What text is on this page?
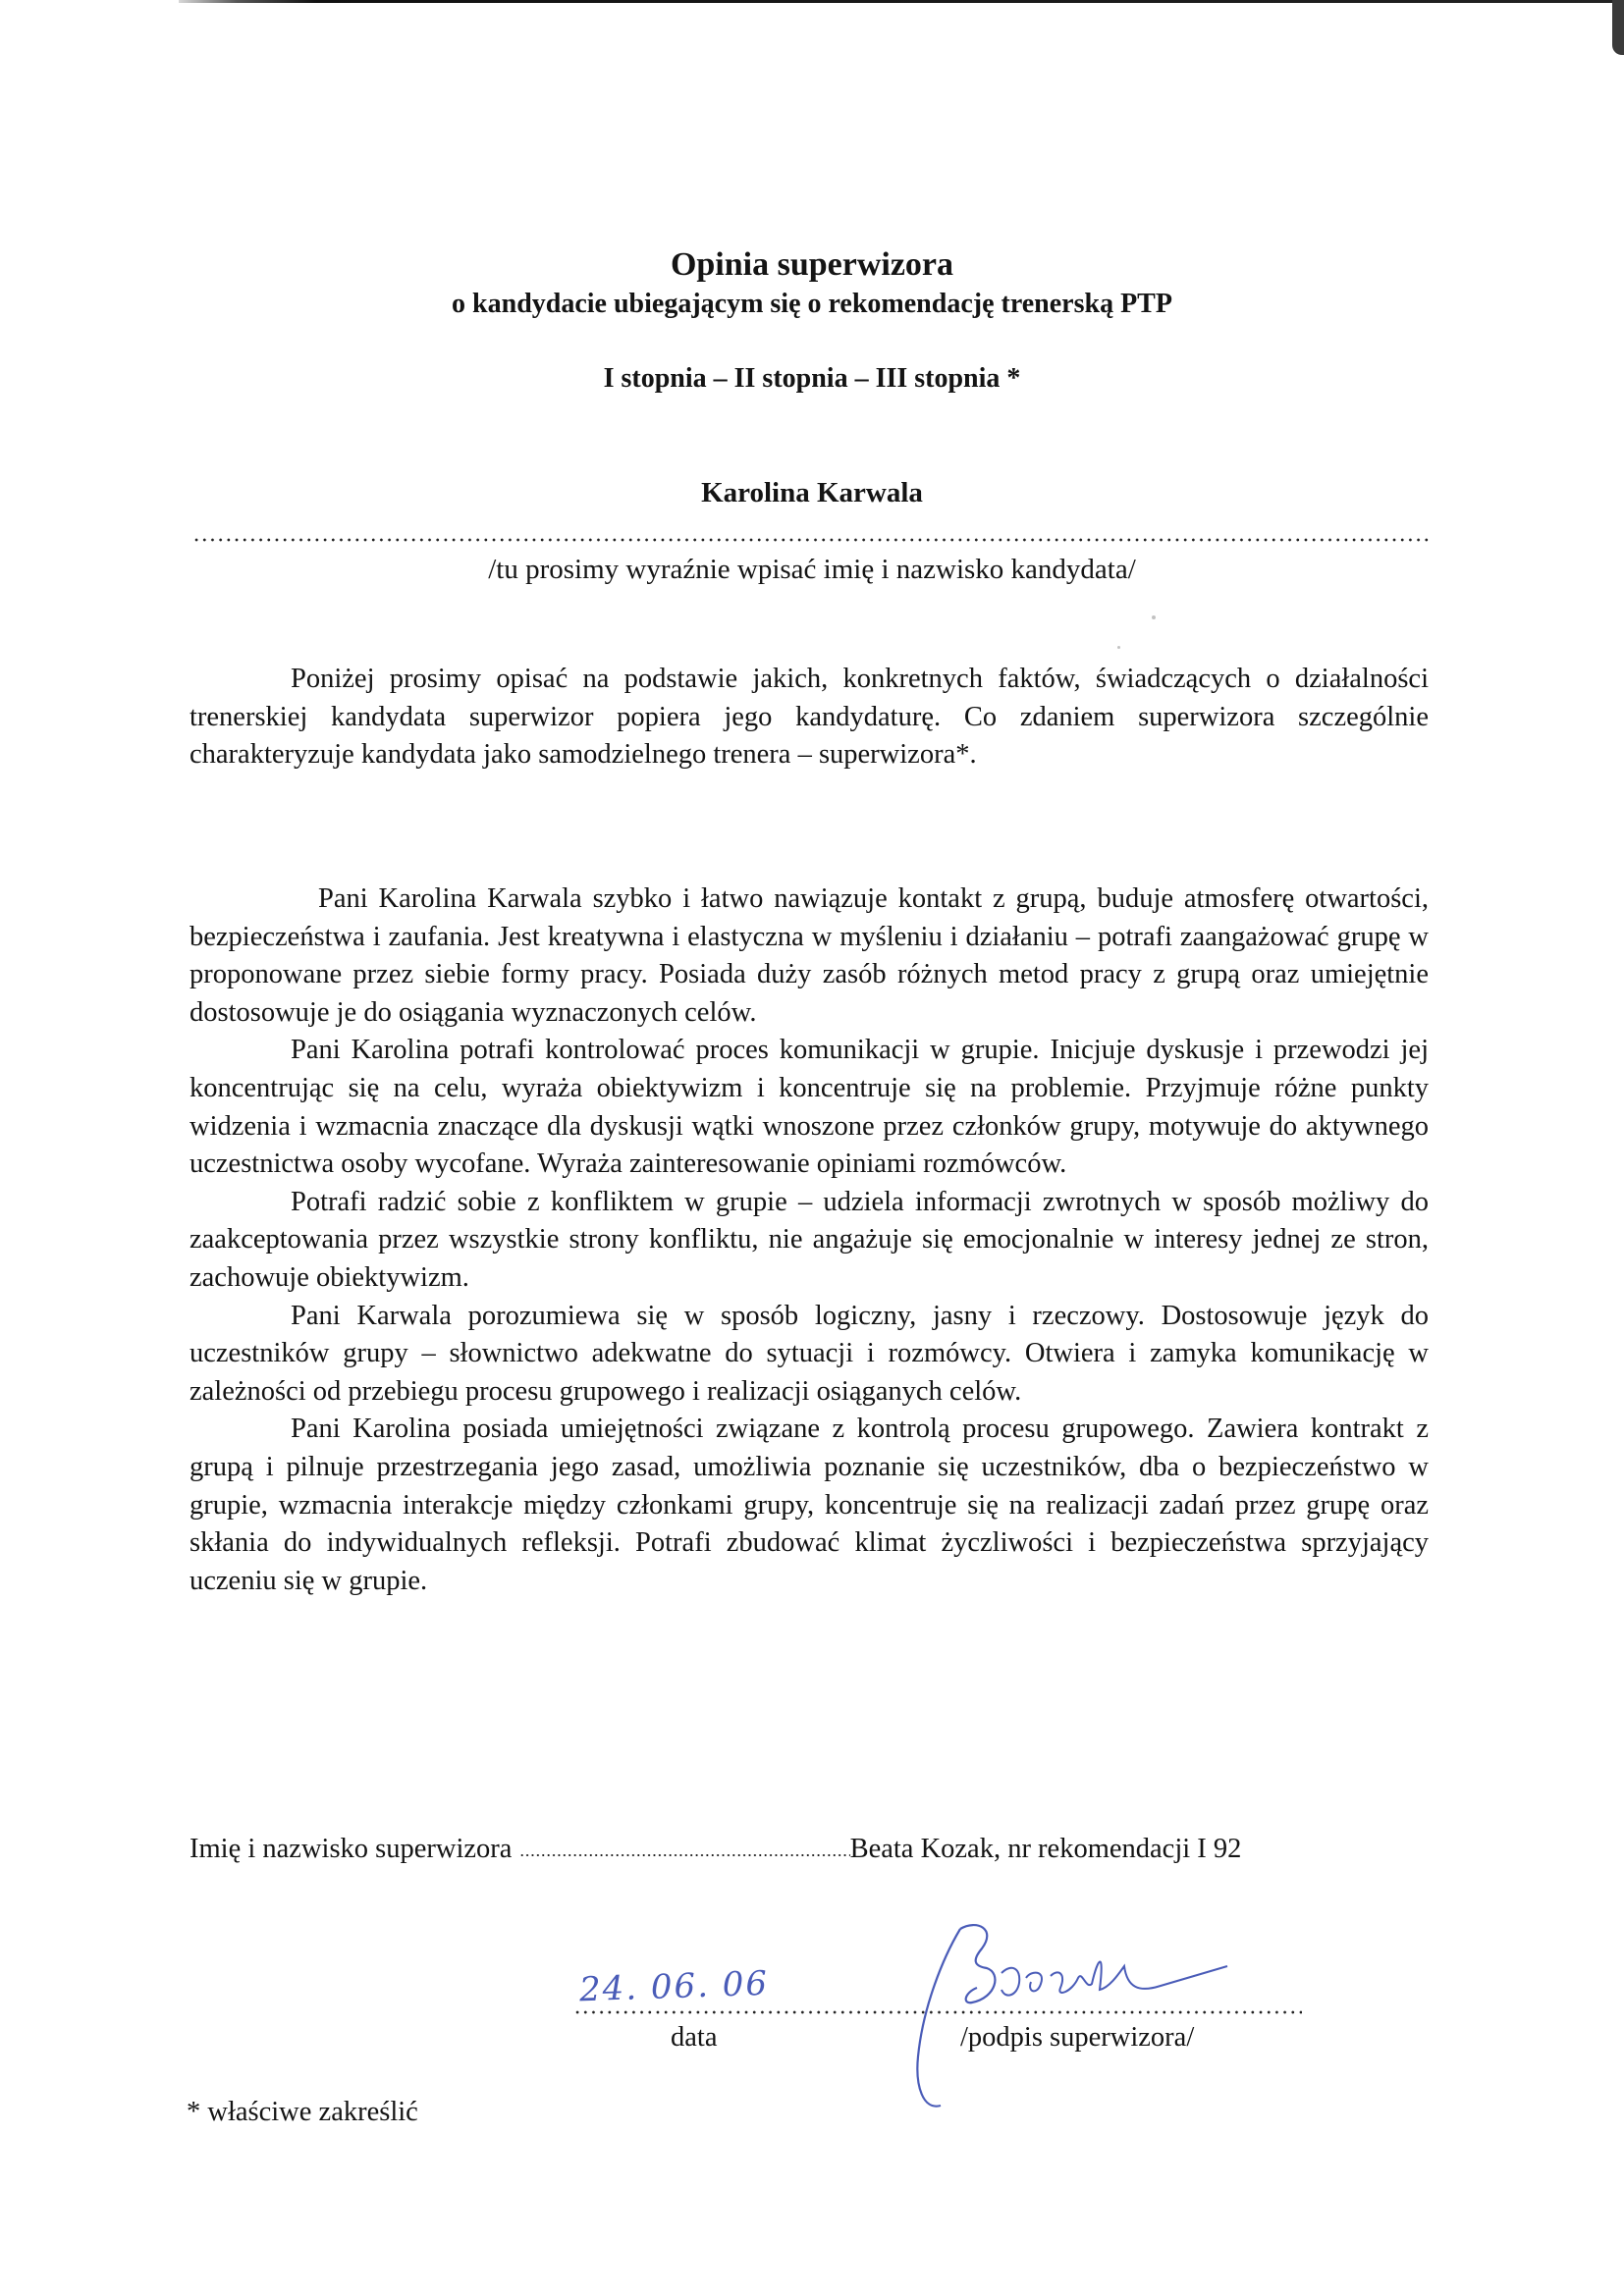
Opinia superwizora
o kandydacie ubiegającym się o rekomendację trenerską PTP
I stopnia – II stopnia – III stopnia *
Karolina Karwala
/tu prosimy wyraźnie wpisać imię i nazwisko kandydata/

Poniżej prosimy opisać na podstawie jakich, konkretnych faktów, świadczących o działalności trenerskiej kandydata superwizor popiera jego kandydaturę. Co zdaniem superwizora szczególnie charakteryzuje kandydata jako samodzielnego trenera – superwizora*.

Pani Karolina Karwala szybko i łatwo nawiązuje kontakt z grupą, buduje atmosferę otwartości, bezpieczeństwa i zaufania. Jest kreatywna i elastyczna w myśleniu i działaniu – potrafi zaangażować grupę w proponowane przez siebie formy pracy. Posiada duży zasób różnych metod pracy z grupą oraz umiejętnie dostosowuje je do osiągania wyznaczonych celów.

Pani Karolina potrafi kontrolować proces komunikacji w grupie. Inicjuje dyskusje i przewodzi jej koncentrując się na celu, wyraża obiektywizm i koncentruje się na problemie. Przyjmuje różne punkty widzenia i wzmacnia znaczące dla dyskusji wątki wnoszone przez członków grupy, motywuje do aktywnego uczestnictwa osoby wycofane. Wyraża zainteresowanie opiniami rozmówców.

Potrafi radzić sobie z konfliktem w grupie – udziela informacji zwrotnych w sposób możliwy do zaakceptowania przez wszystkie strony konfliktu, nie angażuje się emocjonalnie w interesy jednej ze stron, zachowuje obiektywizm.

Pani Karwala porozumiewa się w sposób logiczny, jasny i rzeczowy. Dostosowuje język do uczestników grupy – słownictwo adekwatne do sytuacji i rozmówcy. Otwiera i zamyka komunikację w zależności od przebiegu procesu grupowego i realizacji osiąganych celów.

Pani Karolina posiada umiejętności związane z kontrolą procesu grupowego. Zawiera kontrakt z grupą i pilnuje przestrzegania jego zasad, umożliwia poznanie się uczestników, dba o bezpieczeństwo w grupie, wzmacnia interakcje między członkami grupy, koncentruje się na realizacji zadań przez grupę oraz skłania do indywidualnych refleksji. Potrafi zbudować klimat życzliwości i bezpieczeństwa sprzyjający uczeniu się w grupie.

Imię i nazwisko superwizora	Beata Kozak, nr rekomendacji I 92
24. 06. 06
data	/podpis superwizora/
* właściwe zakreślić
